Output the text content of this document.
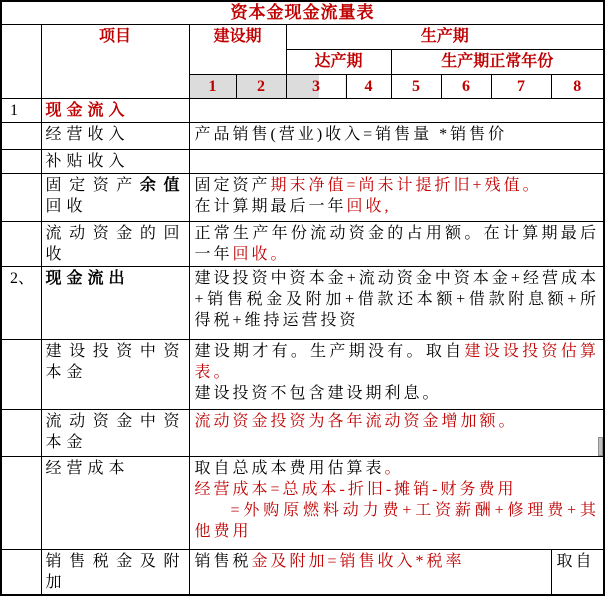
资本金现金流量表									
	项目	建设期		生产期					
				达产期		生产期正常年份			
		1	2	3	4	5	6	7	8
1	现金流入								
	经营收入	产品销售(营业)收入=销售量 *销售价							

	补贴收入								
	固定资产余值回收	固定资产期末净值=尚未计提折旧+残值。
在计算期最后一年回收,							

	流动资金的回收	正常生产年份流动资金的占用额。在计算期最后一年回收。							

2、	现金流出	建设投资中资本金+流动资金中资本金+经营成本+销售税金及附加+借款还本额+借款附息额+所得税+维持运营投资							

	建设投资中资本金	建设期才有。生产期没有。取自建设设投资估算表。
建设投资不包含建设期利息。							

	流动资金中资本金	流动资金投资为各年流动资金增加额。							

	经营成本	取自总成本费用估算表。
经营成本=总成本-折旧-摊销-财务费用
=外购原燃料动力费+工资薪酬+修理费+其他费用							

	销售税金及附加	销售税金及附加=销售收入*税率							取自
